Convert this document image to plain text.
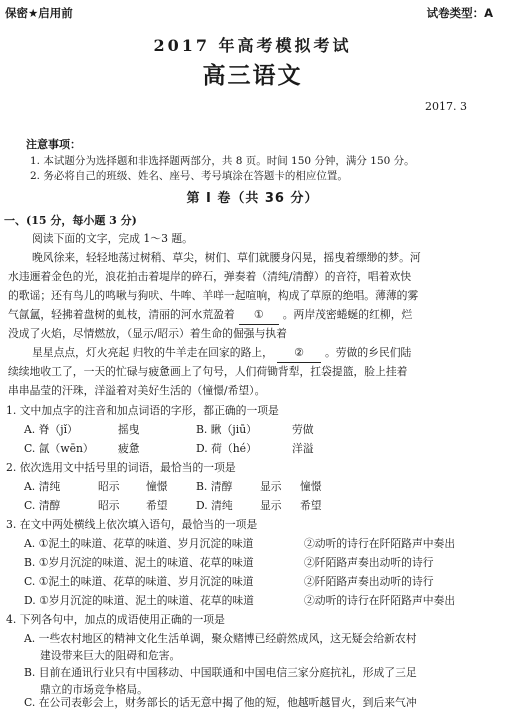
保密★启用前	试卷类型：A
2017 年高考模拟考试
高三语文
2017. 3
注意事项：
1. 本试题分为选择题和非选择题两部分，共 8 页。时间 150 分钟，满分 150 分。
2. 务必将自己的班级、姓名、座号、考号填涂在答题卡的相应位置。
第 I 卷（共 36 分）
一、(15 分，每小题 3 分)
阅读下面的文字，完成 1～3 题。
晚风徐来，轻轻地荡过树稍、草尖，树们、草们就腰身闪晃，摇曳着缥缈的梦。河
水违逦着金色的光，浪花拍击着堤岸的碎石，弹奏着（清纯/清醇）的音符，唱着欢快
的歌谣；还有鸟儿的鸣啾与狗吠、牛哞、羊咩一起喧响，构成了草原的绝唱。薄薄的雾
气氤氲，轻拂着盘树的虬枝，清丽的河水荒盈着 ① 。两岸茂密蜷蜒的红柳，烂
没成了火焰，尽情燃放，（显示/昭示）着生命的倔强与执着
星星点点，灯火亮起 归牧的牛羊走在回家的路上， ② 。劳做的乡民们陆
续续地收工了，一天的忙碌与疲惫画上了句号，人们荷锄背犁，扛袋提篮，脸上挂着
串串晶莹的汗珠，洋溢着对美好生活的（憧憬/希望）。
1. 文中加点字的注音和加点词语的字形，都正确的一项是
A. 脊（jǐ）	摇曳	B. 瞅（jiū）	劳做
C. 氤（wēn） 疲惫	D. 荷（hé）	洋溢
2. 依次选用文中括号里的词语，最恰当的一项是
A. 清纯	昭示 憧憬	B. 清醇	显示 憧憬
C. 清醇	昭示 希望	D. 清纯	显示 希望
3. 在文中两处横线上依次填入语句，最恰当的一项是
A. ①泥土的味道、花草的味道、岁月沉淀的味道	②动听的诗行在阡陌路声中奏出
B. ①岁月沉淀的味道、泥土的味道、花草的味道	②阡陌路声奏出动听的诗行
C. ①泥土的味道、花草的味道、岁月沉淀的味道	②阡陌路声奏出动听的诗行
D. ①岁月沉淀的味道、泥土的味道、花草的味道	②动听的诗行在阡陌路声中奏出
4. 下列各句中，加点的成语使用正确的一项是
A. 一些农村地区的精神文化生活单调，聚众赌博已经蔚然成风，这无疑会给新农村
建设带来巨大的阻碍和危害。
B. 目前在通讯行业只有中国移动、中国联通和中国电信三家分庭抗礼，形成了三足
鼎立的市场竞争格局。
C. 在公司表彰会上，财务部长的话无意中揭了他的短，他越听越冒火，到后来气冲
